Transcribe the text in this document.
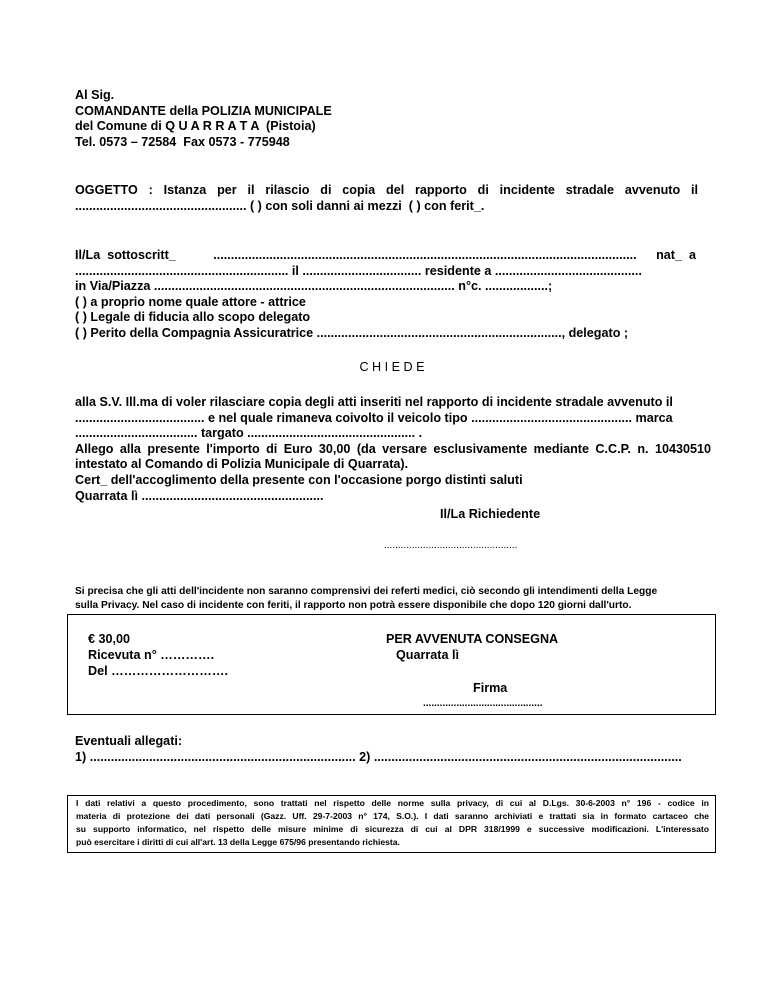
Al Sig.
COMANDANTE della POLIZIA MUNICIPALE
del Comune di Q U A R R A T A  (Pistoia)
Tel. 0573 – 72584  Fax 0573 - 775948
OGGETTO : Istanza per il rilascio di copia del rapporto di incidente stradale avvenuto il
................................................. ( ) con soli danni ai mezzi  ( ) con ferit_.
Il/La  sottoscritt_	.........................................................................................................................	nat_  a
............................................................. il .................................. residente a ..........................................
in Via/Piazza ...................................................................................... n°c. ..................;
( ) a proprio nome quale attore - attrice
( ) Legale di fiducia allo scopo delegato
( ) Perito della Compagnia Assicuratrice ......................................................................, delegato ;
C H I E D E
alla S.V. Ill.ma di voler rilasciare copia degli atti inseriti nel rapporto di incidente stradale avvenuto il
..................................... e nel quale rimaneva coivolto il veicolo tipo .............................................. marca
................................... targato ................................................ .
Allego alla presente l'importo di Euro 30,00 (da versare esclusivamente mediante C.C.P. n. 10430510
intestato al Comando di Polizia Municipale di Quarrata).
Cert_ dell'accoglimento della presente con l'occasione porgo distinti saluti
Quarrata lì ....................................................
Il/La Richiedente
................................................
Si precisa che gli atti dell'incidente non saranno comprensivi dei referti medici, ciò secondo gli intendimenti della Legge
sulla Privacy. Nel caso di incidente con feriti, il rapporto non potrà essere disponibile che dopo 120 giorni dall'urto.
€ 30,00
Ricevuta n° ………….
Del ……………………….
PER AVVENUTA CONSEGNA
Quarrata lì
Firma
...........................................
Eventuali allegati:
1) ............................................................................ 2) ........................................................................................
I dati relativi a questo procedimento, sono trattati nel rispetto delle norme sulla privacy, di cui al D.Lgs. 30-6-2003 n° 196 - codice in
materia di protezione dei dati personali (Gazz. Uff. 29-7-2003 n° 174, S.O.). I dati saranno archiviati e trattati sia in formato cartaceo che
su supporto informatico, nel rispetto delle misure minime di sicurezza di cui al DPR 318/1999 e successive modificazioni. L'interessato
può esercitare i diritti di cui all'art. 13 della Legge 675/96 presentando richiesta.
